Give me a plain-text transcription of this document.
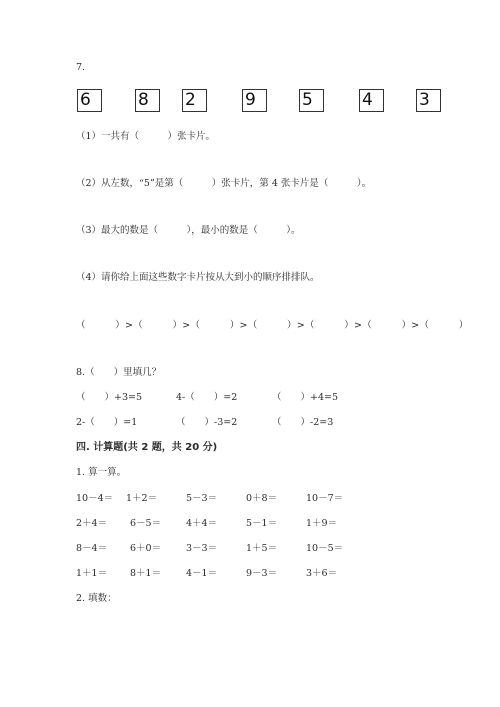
7.
6	8	2	9	5	4	3
（1）一共有（　　　）张卡片。
（2）从左数，“5”是第（　　　）张卡片，第 4 张卡片是（　　　）。
（3）最大的数是（　　　），最小的数是（　　　）。
（4）请你给上面这些数字卡片按从大到小的顺序排排队。
（　　　）>（　　　）>（　　　）>（　　　）>（　　　）>（　　　）>（　　　）
8.（　　）里填几？
（　　）+3=5	4-（　　）=2	（　　）+4=5
2-（　　）=1	（　　）-3=2	（　　）-2=3
四. 计算题(共 2 题，共 20 分)
1. 算一算。
10－4＝ 1＋2＝	5－3＝	0＋8＝	10－7＝
2＋4＝ 6－5＝	4＋4＝	5－1＝	1＋9＝
8－4＝ 6＋0＝	3－3＝	1＋5＝	10－5＝
1＋1＝ 8＋1＝	4－1＝	9－3＝	3＋6＝
2. 填数：
